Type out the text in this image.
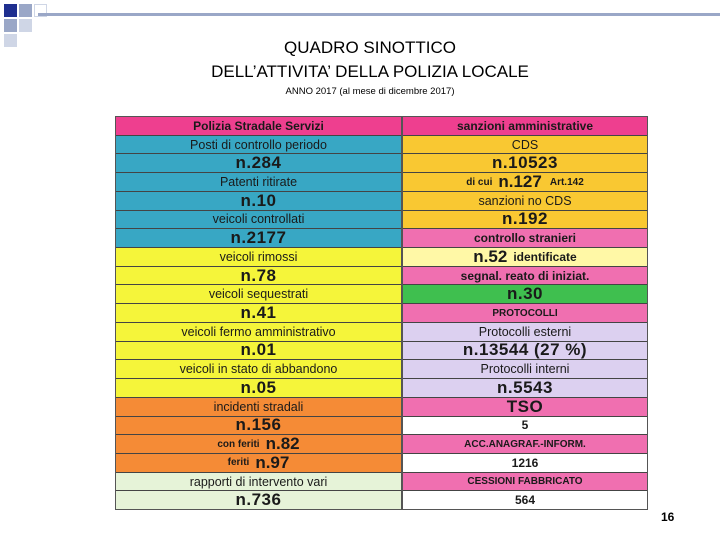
QUADRO SINOTTICO
DELL’ATTIVITA’ DELLA POLIZIA LOCALE
ANNO 2017 (al mese di dicembre 2017)
Polizia Stradale Servizi
Posti di controllo periodo
n.284
Patenti ritirate
n.10
veicoli controllati
n.2177
veicoli rimossi
n.78
veicoli sequestrati
n.41
veicoli fermo amministrativo
n.01
veicoli in stato di abbandono
n.05
incidenti stradali
n.156
con feriti n.82
feriti n.97
rapporti di intervento vari
n.736
sanzioni amministrative
CDS
n.10523
di cui n.127 Art.142
sanzioni no CDS
n.192
controllo stranieri
n.52 identificate
segnal. reato di iniziat.
n.30
PROTOCOLLI
Protocolli esterni
n.13544 (27 %)
Protocolli interni
n.5543
TSO
5
ACC.ANAGRAF.-INFORM.
1216
CESSIONI FABBRICATO
564
16
